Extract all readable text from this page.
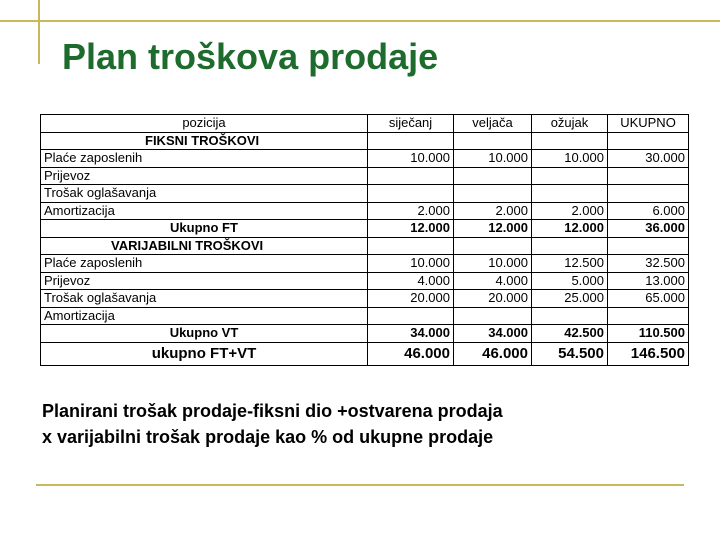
Plan troškova prodaje
pozicija	siječanj	veljača	ožujak	UKUPNO
FIKSNI TROŠKOVI				
Plaće zaposlenih	10.000	10.000	10.000	30.000
Prijevoz				
Trošak oglašavanja				
Amortizacija	2.000	2.000	2.000	6.000
Ukupno FT	12.000	12.000	12.000	36.000
VARIJABILNI TROŠKOVI				
Plaće zaposlenih	10.000	10.000	12.500	32.500
Prijevoz	4.000	4.000	5.000	13.000
Trošak oglašavanja	20.000	20.000	25.000	65.000
Amortizacija				
Ukupno VT	34.000	34.000	42.500	110.500
ukupno FT+VT	46.000	46.000	54.500	146.500
Planirani trošak prodaje-fiksni dio +ostvarena prodaja
x varijabilni trošak prodaje kao % od ukupne prodaje
